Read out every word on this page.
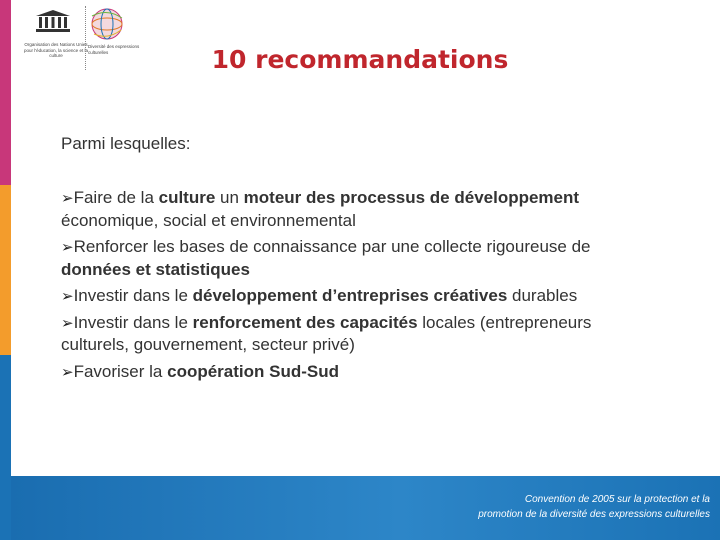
Organisation des Nations Unies pour l'éducation, la science et la culture
Diversité des expressions culturelles	10 recommandations
Parmi lesquelles:
➢Faire de la culture un moteur des processus de développement économique, social et environnemental
➢Renforcer les bases de connaissance par une collecte rigoureuse de données et statistiques
➢Investir dans le développement d’entreprises créatives durables
➢Investir dans le renforcement des capacités locales (entrepreneurs culturels, gouvernement, secteur privé)
➢Favoriser la coopération Sud-Sud
Convention de 2005 sur la protection et la
promotion de la diversité des expressions culturelles
